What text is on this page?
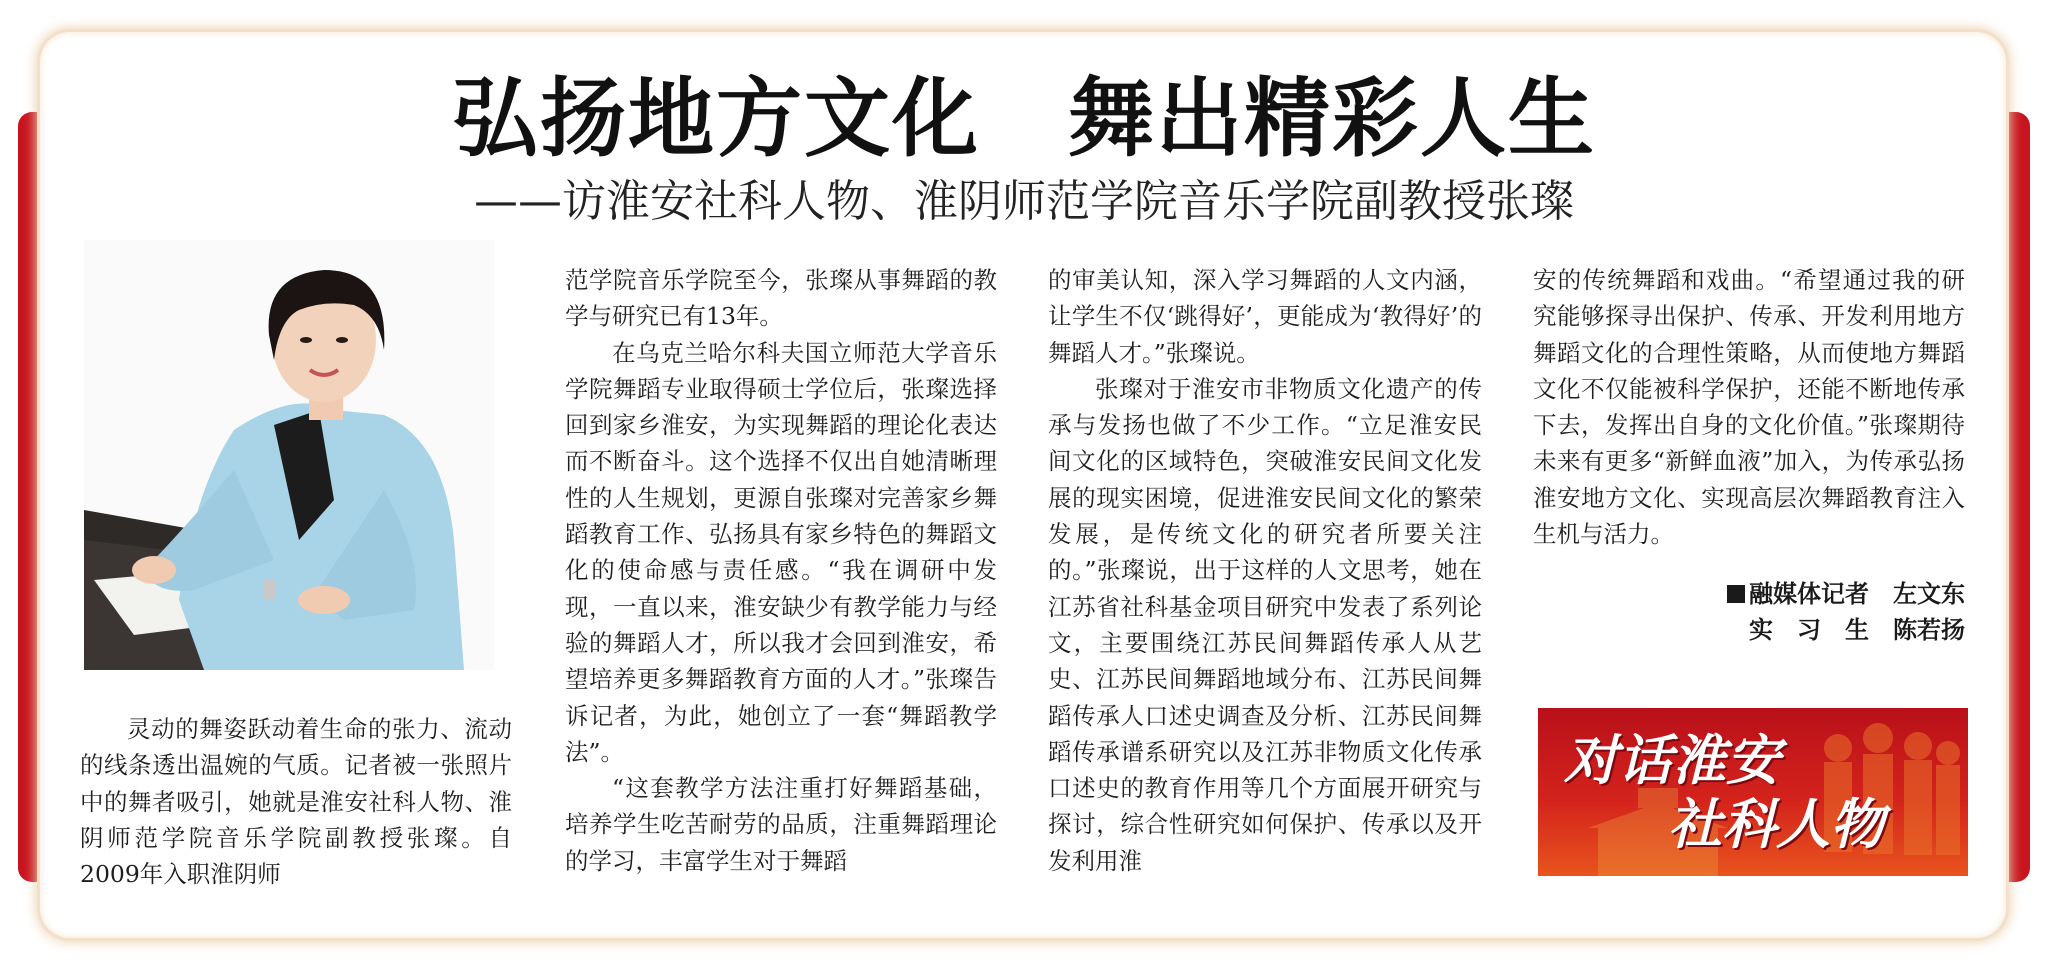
弘扬地方文化　舞出精彩人生
——访淮安社科人物、淮阴师范学院音乐学院副教授张璨

灵动的舞姿跃动着生命的张力、流动的线条透出温婉的气质。记者被一张照片中的舞者吸引，她就是淮安社科人物、淮阴师范学院音乐学院副教授张璨。自2009年入职淮阴师

范学院音乐学院至今，张璨从事舞蹈的教学与研究已有13年。

在乌克兰哈尔科夫国立师范大学音乐学院舞蹈专业取得硕士学位后，张璨选择回到家乡淮安，为实现舞蹈的理论化表达而不断奋斗。这个选择不仅出自她清晰理性的人生规划，更源自张璨对完善家乡舞蹈教育工作、弘扬具有家乡特色的舞蹈文化的使命感与责任感。“我在调研中发现，一直以来，淮安缺少有教学能力与经验的舞蹈人才，所以我才会回到淮安，希望培养更多舞蹈教育方面的人才。”张璨告诉记者，为此，她创立了一套“舞蹈教学法”。

“这套教学方法注重打好舞蹈基础，培养学生吃苦耐劳的品质，注重舞蹈理论的学习，丰富学生对于舞蹈

的审美认知，深入学习舞蹈的人文内涵，让学生不仅‘跳得好’，更能成为‘教得好’的舞蹈人才。”张璨说。

张璨对于淮安市非物质文化遗产的传承与发扬也做了不少工作。“立足淮安民间文化的区域特色，突破淮安民间文化发展的现实困境，促进淮安民间文化的繁荣发展，是传统文化的研究者所要关注的。”张璨说，出于这样的人文思考，她在江苏省社科基金项目研究中发表了系列论文，主要围绕江苏民间舞蹈传承人从艺史、江苏民间舞蹈地域分布、江苏民间舞蹈传承人口述史调查及分析、江苏民间舞蹈传承谱系研究以及江苏非物质文化传承口述史的教育作用等几个方面展开研究与探讨，综合性研究如何保护、传承以及开发利用淮

安的传统舞蹈和戏曲。“希望通过我的研究能够探寻出保护、传承、开发利用地方舞蹈文化的合理性策略，从而使地方舞蹈文化不仅能被科学保护，还能不断地传承下去，发挥出自身的文化价值。”张璨期待未来有更多“新鲜血液”加入，为传承弘扬淮安地方文化、实现高层次舞蹈教育注入生机与活力。

融媒体记者　左文东
实　习　生　陈若扬
对话淮安
社科人物
